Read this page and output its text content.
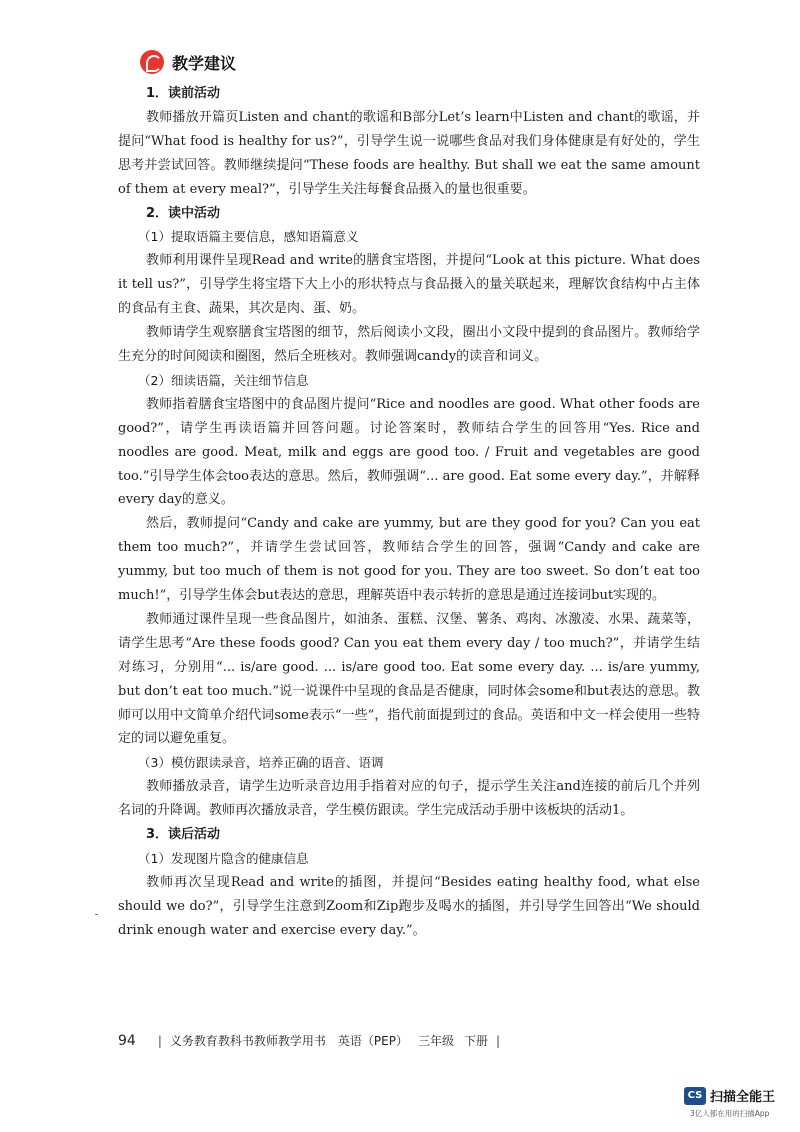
教学建议

1．读前活动

教师播放开篇页Listen and chant的歌谣和B部分Let’s learn中Listen and chant的歌谣，并提问“What food is healthy for us?”，引导学生说一说哪些食品对我们身体健康是有好处的，学生思考并尝试回答。教师继续提问“These foods are healthy. But shall we eat the same amount of them at every meal?”，引导学生关注每餐食品摄入的量也很重要。

2．读中活动

（1）提取语篇主要信息，感知语篇意义

教师利用课件呈现Read and write的膳食宝塔图，并提问“Look at this picture. What does it tell us?”，引导学生将宝塔下大上小的形状特点与食品摄入的量关联起来，理解饮食结构中占主体的食品有主食、蔬果，其次是肉、蛋、奶。

教师请学生观察膳食宝塔图的细节，然后阅读小文段，圈出小文段中提到的食品图片。教师给学生充分的时间阅读和圈图，然后全班核对。教师强调candy的读音和词义。

（2）细读语篇，关注细节信息

教师指着膳食宝塔图中的食品图片提问“Rice and noodles are good. What other foods are good?”，请学生再读语篇并回答问题。讨论答案时，教师结合学生的回答用“Yes. Rice and noodles are good. Meat, milk and eggs are good too. / Fruit and vegetables are good too.”引导学生体会too表达的意思。然后，教师强调“... are good. Eat some every day.”，并解释every day的意义。

然后，教师提问“Candy and cake are yummy, but are they good for you? Can you eat them too much?”，并请学生尝试回答，教师结合学生的回答，强调“Candy and cake are yummy, but too much of them is not good for you. They are too sweet. So don’t eat too much!”，引导学生体会but表达的意思，理解英语中表示转折的意思是通过连接词but实现的。

教师通过课件呈现一些食品图片，如油条、蛋糕、汉堡、薯条、鸡肉、冰激凌、水果、蔬菜等，请学生思考“Are these foods good? Can you eat them every day / too much?”，并请学生结对练习，分别用“... is/are good. ... is/are good too. Eat some every day. ... is/are yummy, but don’t eat too much.”说一说课件中呈现的食品是否健康，同时体会some和but表达的意思。教师可以用中文简单介绍代词some表示“一些”，指代前面提到过的食品。英语和中文一样会使用一些特定的词以避免重复。

（3）模仿跟读录音，培养正确的语音、语调

教师播放录音，请学生边听录音边用手指着对应的句子，提示学生关注and连接的前后几个并列名词的升降调。教师再次播放录音，学生模仿跟读。学生完成活动手册中该板块的活动1。

3．读后活动

（1）发现图片隐含的健康信息

教师再次呈现Read and write的插图，并提问“Besides eating healthy food, what else should we do?”，引导学生注意到Zoom和Zip跑步及喝水的插图，并引导学生回答出“We should drink enough water and exercise every day.”。

94 | 义务教育教科书教师教学用书 英语（PEP） 三年级 下册 |
CS 扫描全能王
3亿人都在用的扫描App
